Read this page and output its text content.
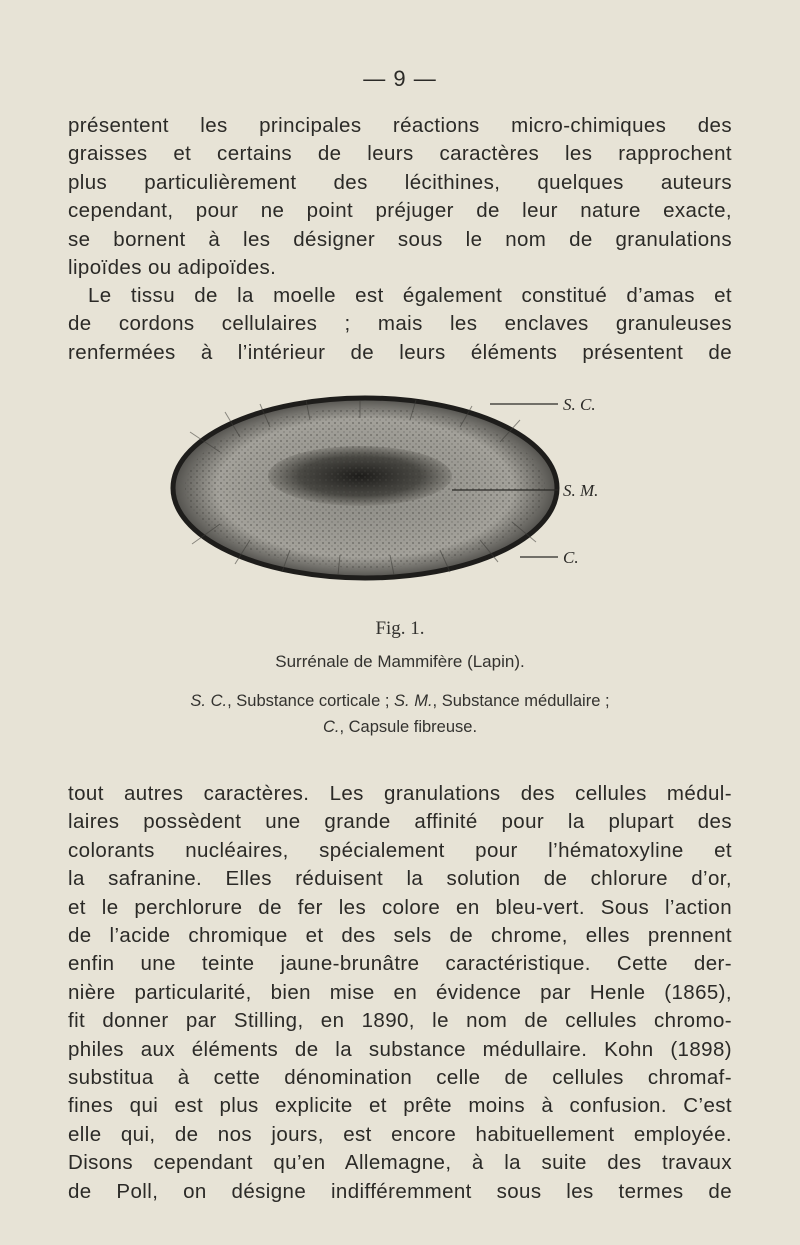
— 9 —

présentent les principales réactions micro-chimiques des
graisses et certains de leurs caractères les rapprochent
plus particulièrement des lécithines, quelques auteurs
cependant, pour ne point préjuger de leur nature exacte,
se bornent à les désigner sous le nom de granulations
lipoïdes ou adipoïdes.

Le tissu de la moelle est également constitué d’amas et
de cordons cellulaires ; mais les enclaves granuleuses
renfermées à l’intérieur de leurs éléments présentent de

S. C.
S. M.
C.
Fig. 1.
Surrénale de Mammifère (Lapin).
S. C., Substance corticale ; S. M., Substance médullaire ;
C., Capsule fibreuse.

tout autres caractères. Les granulations des cellules médul-
laires possèdent une grande affinité pour la plupart des
colorants nucléaires, spécialement pour l’hématoxyline et
la safranine. Elles réduisent la solution de chlorure d’or,
et le perchlorure de fer les colore en bleu-vert. Sous l’action
de l’acide chromique et des sels de chrome, elles prennent
enfin une teinte jaune-brunâtre caractéristique. Cette der-
nière particularité, bien mise en évidence par Henle (1865),
fit donner par Stilling, en 1890, le nom de cellules chromo-
philes aux éléments de la substance médullaire. Kohn (1898)
substitua à cette dénomination celle de cellules chromaf-
fines qui est plus explicite et prête moins à confusion. C’est
elle qui, de nos jours, est encore habituellement employée.
Disons cependant qu’en Allemagne, à la suite des travaux
de Poll, on désigne indifféremment sous les termes de
